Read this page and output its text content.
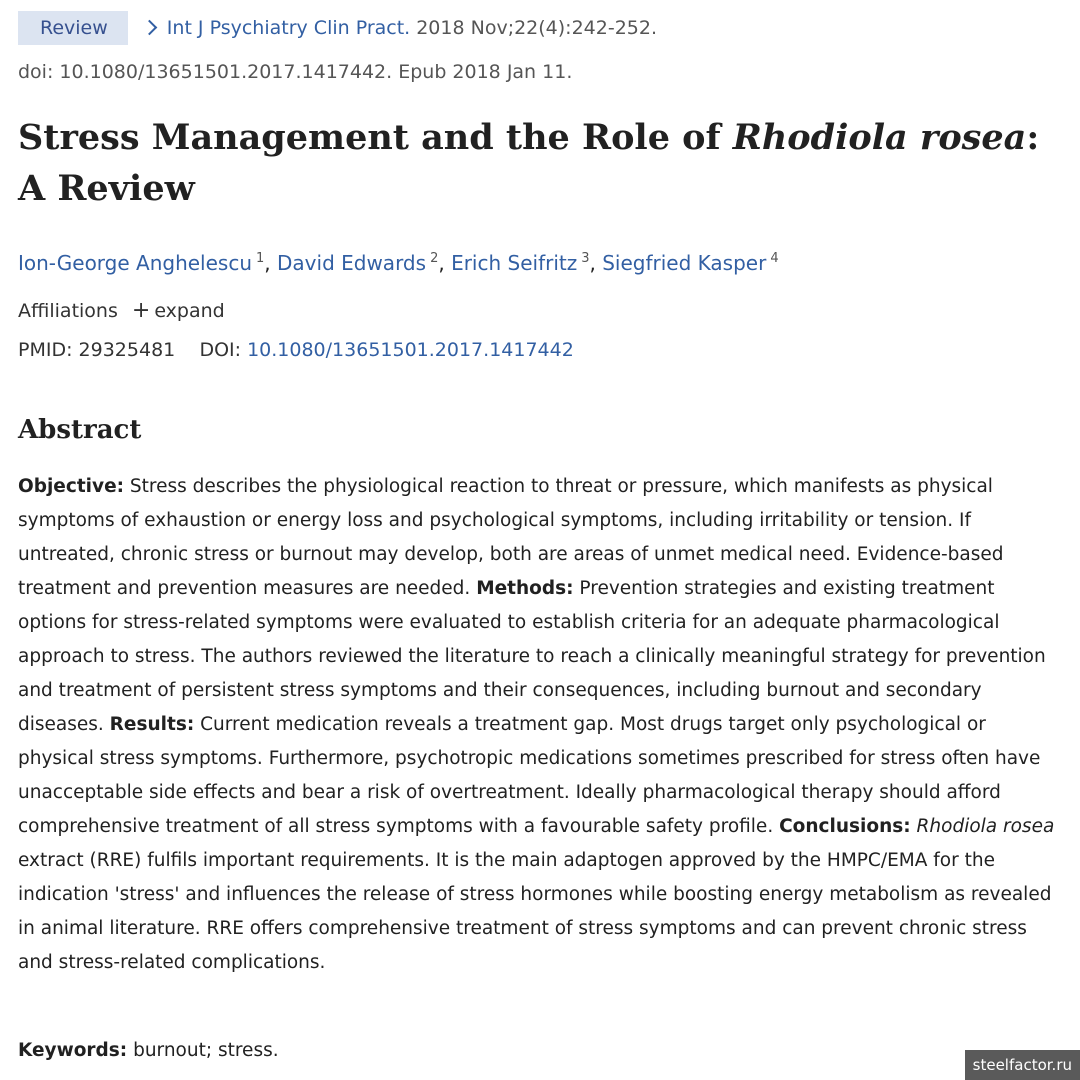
Review	Int J Psychiatry Clin Pract. 2018 Nov;22(4):242-252.
doi: 10.1080/13651501.2017.1417442. Epub 2018 Jan 11.
Stress Management and the Role of Rhodiola rosea: A Review
Ion-George Anghelescu $^1$, David Edwards $^2$, Erich Seifritz $^3$, Siegfried Kasper $^4$
Affiliations + expand
PMID: 29325481 DOI: 10.1080/13651501.2017.1417442
Abstract

Objective: Stress describes the physiological reaction to threat or pressure, which manifests as physical symptoms of exhaustion or energy loss and psychological symptoms, including irritability or tension. If untreated, chronic stress or burnout may develop, both are areas of unmet medical need. Evidence-based treatment and prevention measures are needed. Methods: Prevention strategies and existing treatment options for stress-related symptoms were evaluated to establish criteria for an adequate pharmacological approach to stress. The authors reviewed the literature to reach a clinically meaningful strategy for prevention and treatment of persistent stress symptoms and their consequences, including burnout and secondary diseases. Results: Current medication reveals a treatment gap. Most drugs target only psychological or physical stress symptoms. Furthermore, psychotropic medications sometimes prescribed for stress often have unacceptable side effects and bear a risk of overtreatment. Ideally pharmacological therapy should afford comprehensive treatment of all stress symptoms with a favourable safety profile. Conclusions: Rhodiola rosea extract (RRE) fulfils important requirements. It is the main adaptogen approved by the HMPC/EMA for the indication 'stress' and influences the release of stress hormones while boosting energy metabolism as revealed in animal literature. RRE offers comprehensive treatment of stress symptoms and can prevent chronic stress and stress-related complications.

Keywords: burnout; stress.
steelfactor.ru
